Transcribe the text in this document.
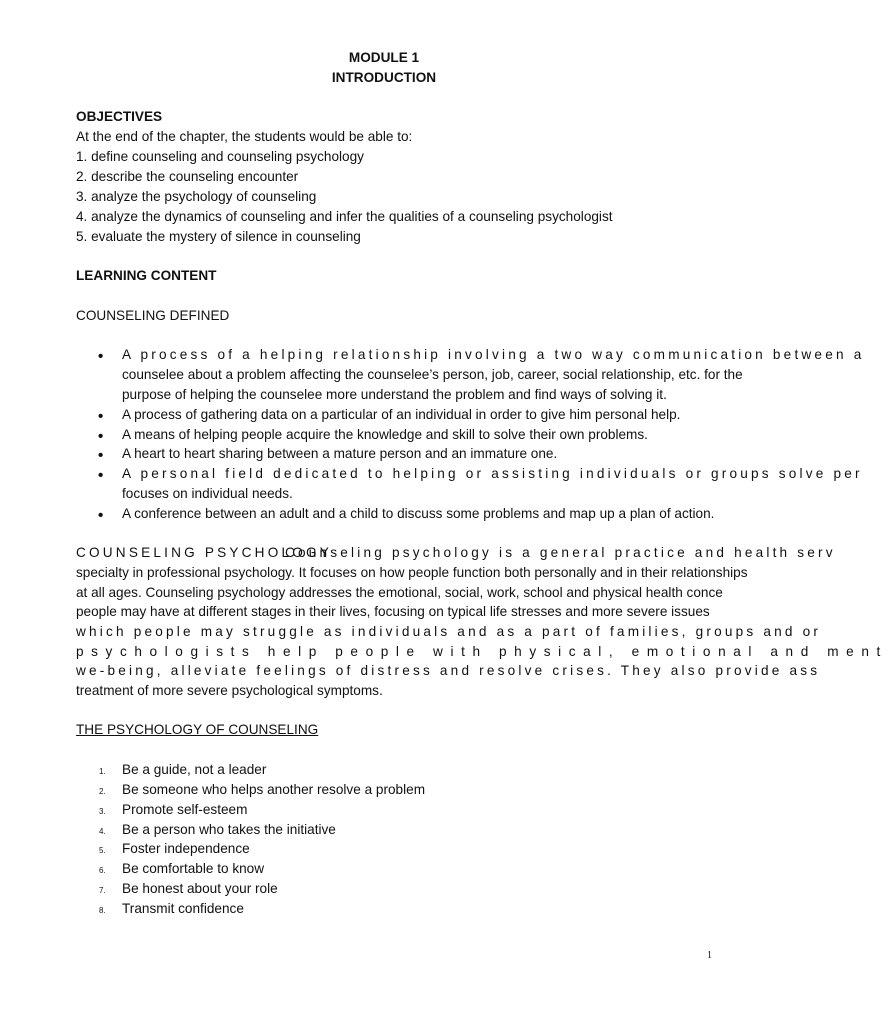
MODULE 1
INTRODUCTION
OBJECTIVES
At the end of the chapter, the students would be able to:
1. define counseling and counseling psychology
2. describe the counseling encounter
3. analyze the psychology of counseling
4. analyze the dynamics of counseling and infer the qualities of a counseling psychologist
5. evaluate the mystery of silence in counseling
LEARNING CONTENT
COUNSELING DEFINED
• A process of a helping relationship involving a two way communication between a
counselee about a problem affecting the counselee’s person, job, career, social relationship, etc. for the
purpose of helping the counselee more understand the problem and find ways of solving it.
• A process of gathering data on a particular of an individual in order to give him personal help.
• A means of helping people acquire the knowledge and skill to solve their own problems.
• A heart to heart sharing between a mature person and an immature one.
• A personal field dedicated to helping or assisting individuals or groups solve per
focuses on individual needs.
• A conference between an adult and a child to discuss some problems and map up a plan of action.
COUNSELING PSYCHOLOGYCounseling psychology is a general practice and health serv
specialty in professional psychology. It focuses on how people function both personally and in their relationships
at all ages. Counseling psychology addresses the emotional, social, work, school and physical health conce
people may have at different stages in their lives, focusing on typical life stresses and more severe issues
which people may struggle as individuals and as a part of families, groups and or
psychologists help people with physical, emotional and ment
we-being, alleviate feelings of distress and resolve crises. They also provide ass
treatment of more severe psychological symptoms.
THE PSYCHOLOGY OF COUNSELING
1. Be a guide, not a leader
2. Be someone who helps another resolve a problem
3. Promote self-esteem
4. Be a person who takes the initiative
5. Foster independence
6. Be comfortable to know
7. Be honest about your role
8. Transmit confidence
1
